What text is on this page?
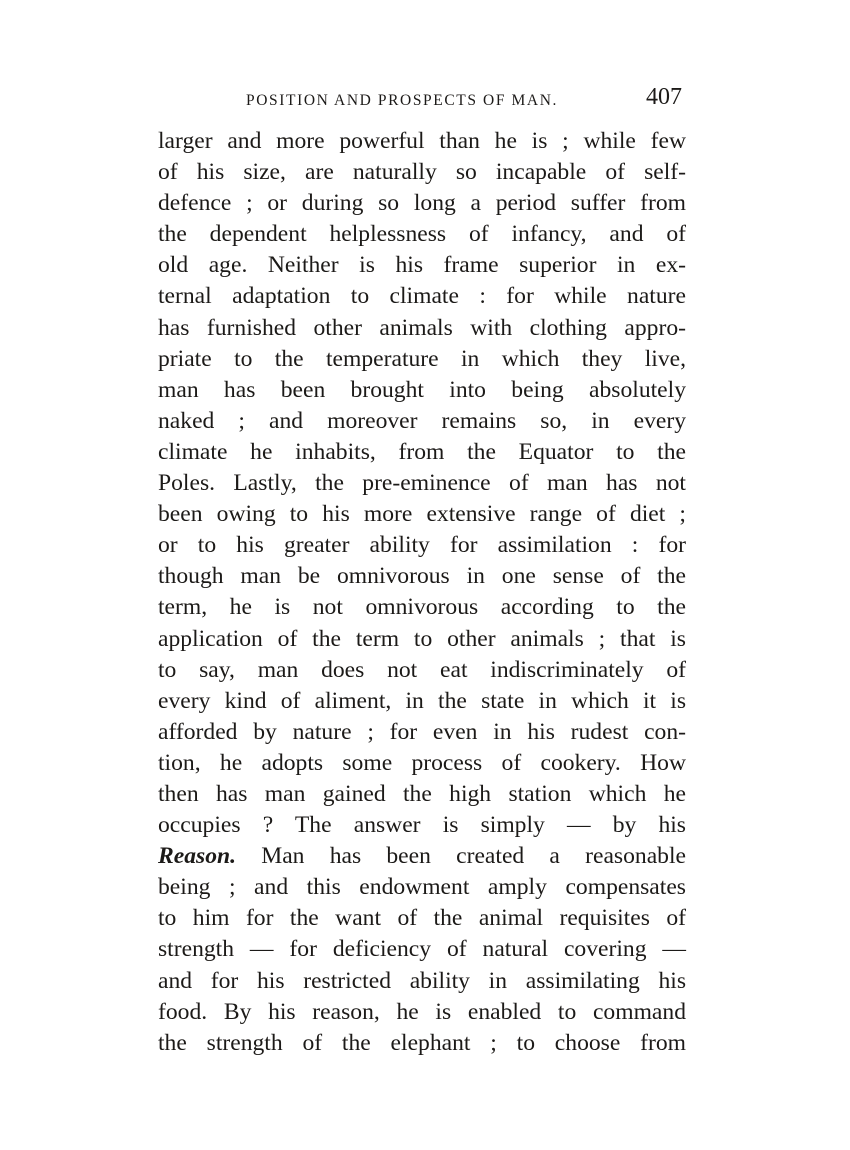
POSITION AND PROSPECTS OF MAN.	407
larger and more powerful than he is ; while few
of his size, are naturally so incapable of self-
defence ; or during so long a period suffer from
the dependent helplessness of infancy, and of
old age. Neither is his frame superior in ex-
ternal adaptation to climate : for while nature
has furnished other animals with clothing appro-
priate to the temperature in which they live,
man has been brought into being absolutely
naked ; and moreover remains so, in every
climate he inhabits, from the Equator to the
Poles. Lastly, the pre-eminence of man has not
been owing to his more extensive range of diet ;
or to his greater ability for assimilation : for
though man be omnivorous in one sense of the
term, he is not omnivorous according to the
application of the term to other animals ; that is
to say, man does not eat indiscriminately of
every kind of aliment, in the state in which it is
afforded by nature ; for even in his rudest con-
tion, he adopts some process of cookery. How
then has man gained the high station which he
occupies ? The answer is simply — by his
Reason. Man has been created a reasonable
being ; and this endowment amply compensates
to him for the want of the animal requisites of
strength — for deficiency of natural covering —
and for his restricted ability in assimilating his
food. By his reason, he is enabled to command
the strength of the elephant ; to choose from
